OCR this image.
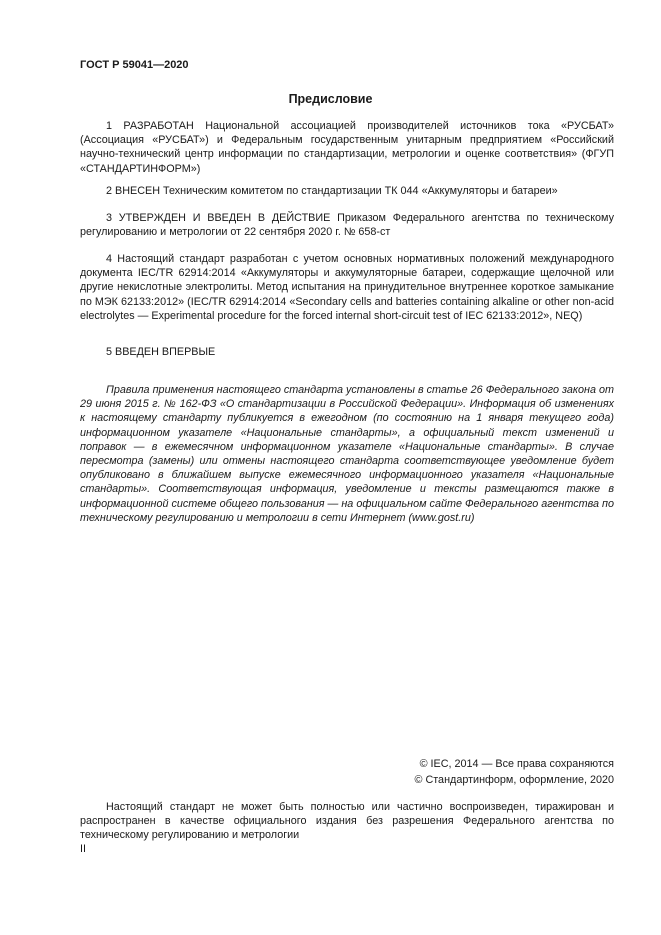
ГОСТ Р 59041—2020
Предисловие

1 РАЗРАБОТАН Национальной ассоциацией производителей источников тока «РУСБАТ» (Ассоциация «РУСБАТ») и Федеральным государственным унитарным предприятием «Российский научно-технический центр информации по стандартизации, метрологии и оценке соответствия» (ФГУП «СТАНДАРТИНФОРМ»)

2 ВНЕСЕН Техническим комитетом по стандартизации ТК 044 «Аккумуляторы и батареи»

3 УТВЕРЖДЕН И ВВЕДЕН В ДЕЙСТВИЕ Приказом Федерального агентства по техническому регулированию и метрологии от 22 сентября 2020 г. № 658-ст

4 Настоящий стандарт разработан с учетом основных нормативных положений международного документа IEC/TR 62914:2014 «Аккумуляторы и аккумуляторные батареи, содержащие щелочной или другие некислотные электролиты. Метод испытания на принудительное внутреннее короткое замыкание по МЭК 62133:2012» (IEC/TR 62914:2014 «Secondary cells and batteries containing alkaline or other non-acid electrolytes — Experimental procedure for the forced internal short-circuit test of IEC 62133:2012», NEQ)

5 ВВЕДЕН ВПЕРВЫЕ

Правила применения настоящего стандарта установлены в статье 26 Федерального закона от 29 июня 2015 г. № 162-ФЗ «О стандартизации в Российской Федерации». Информация об изменениях к настоящему стандарту публикуется в ежегодном (по состоянию на 1 января текущего года) информационном указателе «Национальные стандарты», а официальный текст изменений и поправок — в ежемесячном информационном указателе «Национальные стандарты». В случае пересмотра (замены) или отмены настоящего стандарта соответствующее уведомление будет опубликовано в ближайшем выпуске ежемесячного информационного указателя «Национальные стандарты». Соответствующая информация, уведомление и тексты размещаются также в информационной системе общего пользования — на официальном сайте Федерального агентства по техническому регулированию и метрологии в сети Интернет (www.gost.ru)

© IEC, 2014 — Все права сохраняются
© Стандартинформ, оформление, 2020

Настоящий стандарт не может быть полностью или частично воспроизведен, тиражирован и распространен в качестве официального издания без разрешения Федерального агентства по техническому регулированию и метрологии

II
